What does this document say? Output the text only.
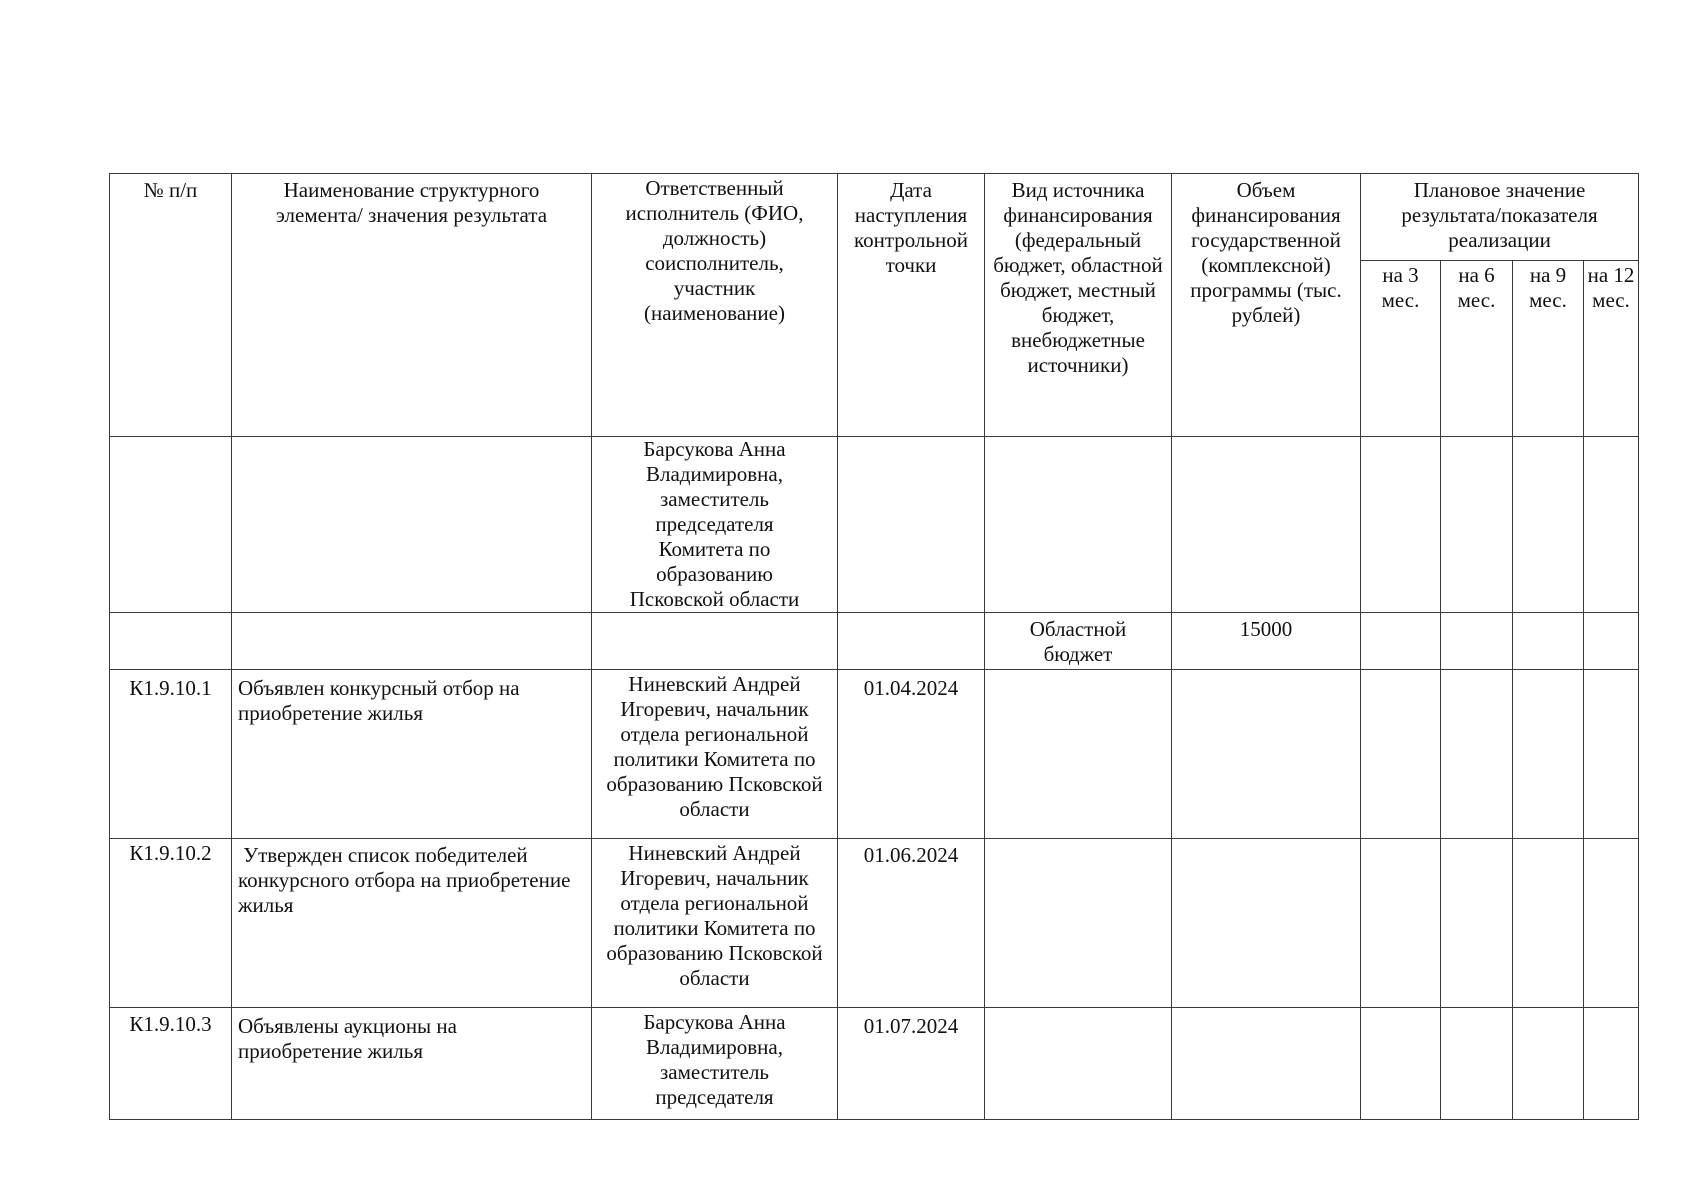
№ п/п	Наименование структурного элемента/ значения результата	Ответственный исполнитель (ФИО, должность) соисполнитель, участник (наименование)	Дата наступления контрольной точки	Вид источника финансирования (федеральный бюджет, областной бюджет, местный бюджет, внебюджетные источники)	Объем финансирования государственной (комплексной) программы (тыс. рублей)	Плановое значение результата/показателя реализации			
						на 3 мес.	на 6 мес.	на 9 мес.	на 12 мес.
		Барсукова Анна Владимировна, заместитель председателя Комитета по образованию Псковской области							
				Областной бюджет	15000				
К1.9.10.1	Объявлен конкурсный отбор на приобретение жилья	Ниневский Андрей Игоревич, начальник отдела региональной политики Комитета по образованию Псковской области	01.04.2024						
К1.9.10.2	Утвержден список победителей конкурсного отбора на приобретение жилья	Ниневский Андрей Игоревич, начальник отдела региональной политики Комитета по образованию Псковской области	01.06.2024						
К1.9.10.3	Объявлены аукционы на приобретение жилья	Барсукова Анна Владимировна, заместитель председателя	01.07.2024						
